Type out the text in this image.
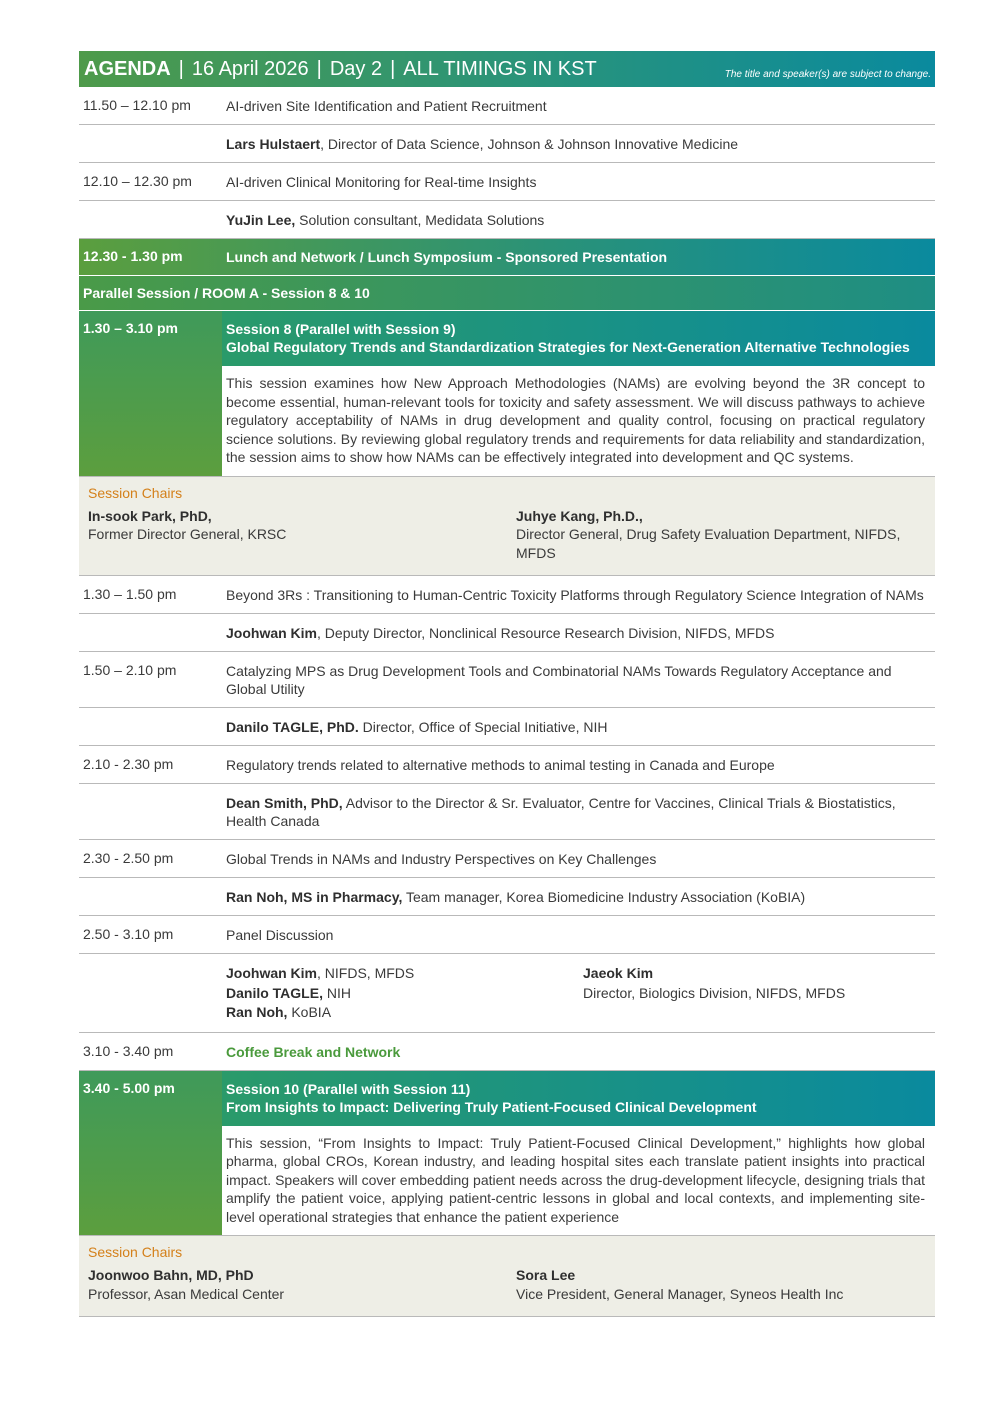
AGENDA | 16 April 2026 | Day 2 | ALL TIMINGS IN KST	The title and speaker(s) are subject to change.
11.50 – 12.10 pm	AI-driven Site Identification and Patient Recruitment
Lars Hulstaert, Director of Data Science, Johnson & Johnson Innovative Medicine
12.10 – 12.30 pm	AI-driven Clinical Monitoring for Real-time Insights
YuJin Lee, Solution consultant, Medidata Solutions
12.30 - 1.30 pm	Lunch and Network / Lunch Symposium - Sponsored Presentation
Parallel Session / ROOM A - Session 8 & 10
1.30 – 3.10 pm	Session 8 (Parallel with Session 9)
Global Regulatory Trends and Standardization Strategies for Next-Generation Alternative Technologies
This session examines how New Approach Methodologies (NAMs) are evolving beyond the 3R concept to become essential, human-relevant tools for toxicity and safety assessment. We will discuss pathways to achieve regulatory acceptability of NAMs in drug development and quality control, focusing on practical regulatory science solutions. By reviewing global regulatory trends and requirements for data reliability and standardization, the session aims to show how NAMs can be effectively integrated into development and QC systems.
Session Chairs
In-sook Park, PhD,
Former Director General, KRSC
Juhye Kang, Ph.D.,
Director General, Drug Safety Evaluation Department, NIFDS, MFDS
1.30 – 1.50 pm	Beyond 3Rs : Transitioning to Human-Centric Toxicity Platforms through Regulatory Science Integration of NAMs
Joohwan Kim, Deputy Director, Nonclinical Resource Research Division, NIFDS, MFDS
1.50 – 2.10 pm	Catalyzing MPS as Drug Development Tools and Combinatorial NAMs Towards Regulatory Acceptance and Global Utility
Danilo TAGLE, PhD. Director, Office of Special Initiative, NIH
2.10 - 2.30 pm	Regulatory trends related to alternative methods to animal testing in Canada and Europe
Dean Smith, PhD, Advisor to the Director & Sr. Evaluator, Centre for Vaccines, Clinical Trials & Biostatistics, Health Canada
2.30 - 2.50 pm	Global Trends in NAMs and Industry Perspectives on Key Challenges
Ran Noh, MS in Pharmacy, Team manager, Korea Biomedicine Industry Association (KoBIA)
2.50 - 3.10 pm	Panel Discussion
Joohwan Kim, NIFDS, MFDS
Danilo TAGLE, NIH
Ran Noh, KoBIA
Jaeok Kim
Director, Biologics Division, NIFDS, MFDS
3.10 - 3.40 pm	Coffee Break and Network
3.40 - 5.00 pm	Session 10 (Parallel with Session 11)
From Insights to Impact: Delivering Truly Patient-Focused Clinical Development
This session, “From Insights to Impact: Truly Patient-Focused Clinical Development,” highlights how global pharma, global CROs, Korean industry, and leading hospital sites each translate patient insights into practical impact. Speakers will cover embedding patient needs across the drug-development lifecycle, designing trials that amplify the patient voice, applying patient-centric lessons in global and local contexts, and implementing site-level operational strategies that enhance the patient experience
Session Chairs
Joonwoo Bahn, MD, PhD
Professor, Asan Medical Center
Sora Lee
Vice President, General Manager, Syneos Health Inc
